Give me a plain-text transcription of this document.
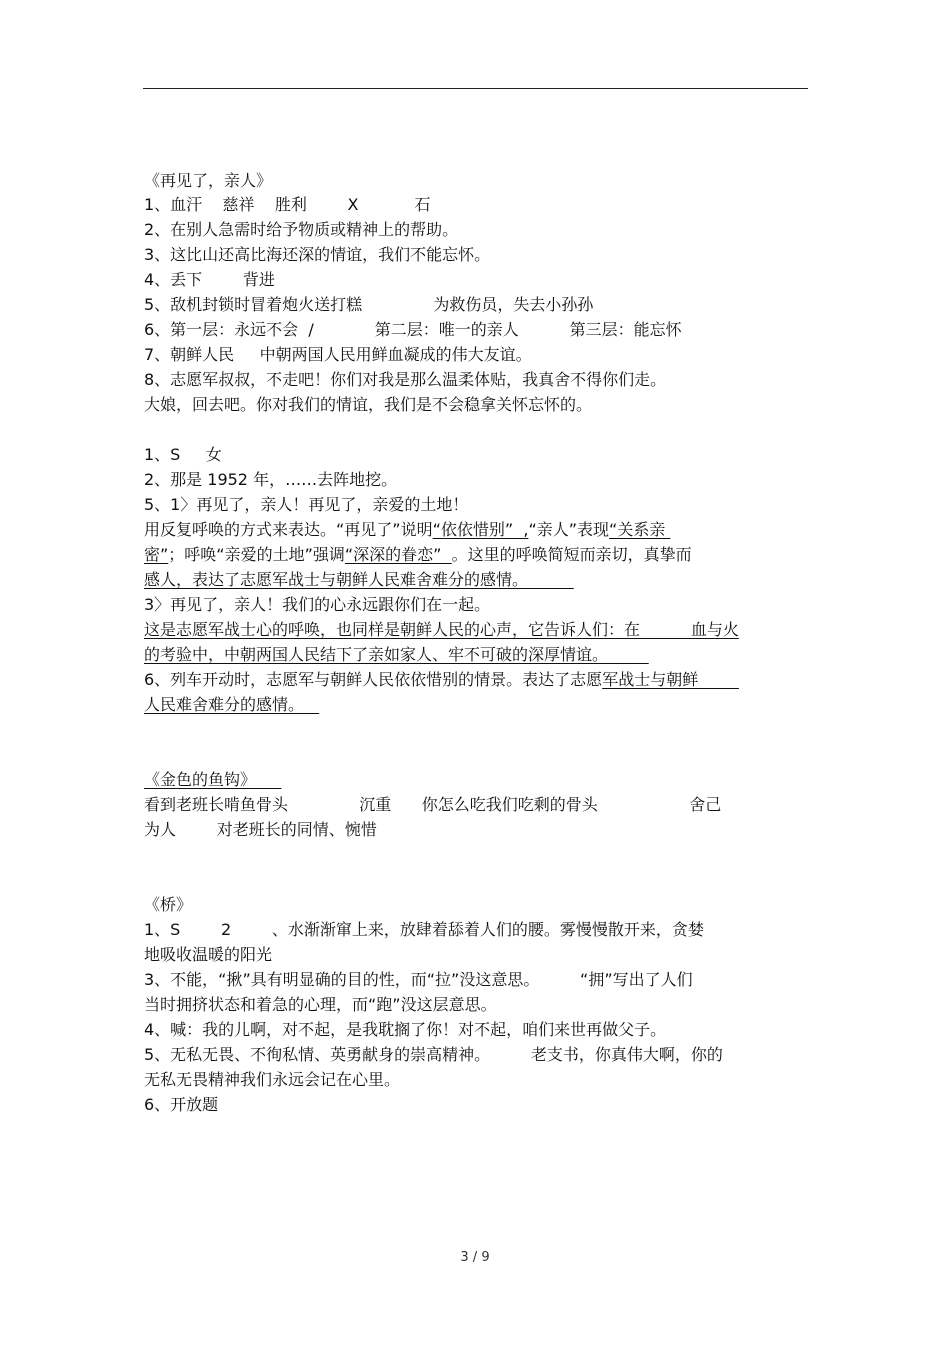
《再见了，亲人》
1、血汗    慈祥    胜利        X           石
2、在别人急需时给予物质或精神上的帮助。
3、这比山还高比海还深的情谊，我们不能忘怀。
4、丢下        背进
5、敌机封锁时冒着炮火送打糕              为救伤员，失去小孙孙
6、第一层：永远不会  /            第二层：唯一的亲人          第三层：能忘怀
7、朝鲜人民     中朝两国人民用鲜血凝成的伟大友谊。
8、志愿军叔叔，不走吧！你们对我是那么温柔体贴，我真舍不得你们走。
大娘，回去吧。你对我们的情谊，我们是不会稳拿关怀忘怀的。
1、S     女
2、那是 1952 年，……去阵地挖。
5、1〉再见了，亲人！再见了，亲爱的土地！
用反复呼唤的方式来表达。“再见了”说明“依依惜别”  ,“亲人”表现“关系亲
密”；呼唤“亲爱的土地”强调“深深的眷恋”  。这里的呼唤简短而亲切，真挚而
感人，表达了志愿军战士与朝鲜人民难舍难分的感情。
3〉再见了，亲人！我们的心永远跟你们在一起。
这是志愿军战士心的呼唤，也同样是朝鲜人民的心声，它告诉人们：在          血与火
的考验中，中朝两国人民结下了亲如家人、牢不可破的深厚情谊。
6、列车开动时，志愿军与朝鲜人民依依惜别的情景。表达了志愿军战士与朝鲜
人民难舍难分的感情。
《金色的鱼钩》
看到老班长啃鱼骨头              沉重      你怎么吃我们吃剩的骨头                  舍己
为人        对老班长的同情、惋惜
《桥》
1、S        2        、水渐渐窜上来，放肆着舔着人们的腰。雾慢慢散开来，贪婪
地吸收温暖的阳光
3、不能，“揪”具有明显确的目的性，而“拉”没这意思。        “拥”写出了人们
当时拥挤状态和着急的心理，而“跑”没这层意思。
4、喊：我的儿啊，对不起，是我耽搁了你！对不起，咱们来世再做父子。
5、无私无畏、不徇私情、英勇献身的崇高精神。        老支书，你真伟大啊，你的
无私无畏精神我们永远会记在心里。
6、开放题
3 / 9
